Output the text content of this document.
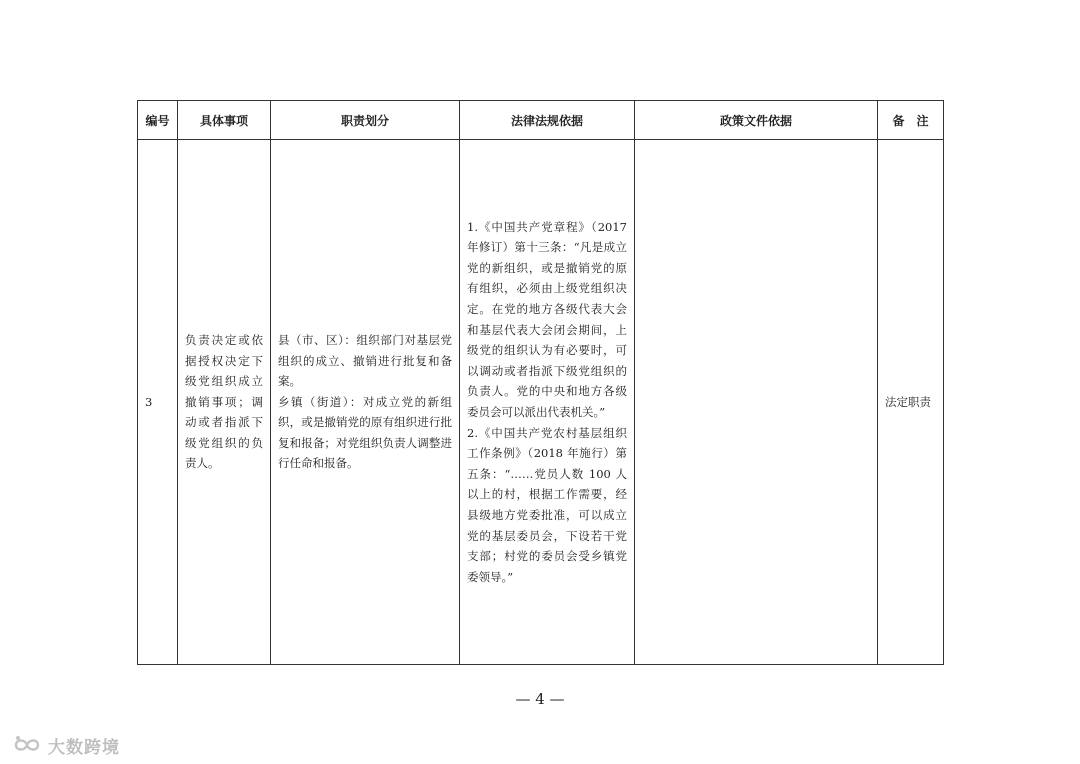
编号	具体事项	职责划分	法律法规依据	政策文件依据	备　注
3	负责决定或依据授权决定下级党组织成立撤销事项；调动或者指派下级党组织的负责人。	县（市、区）：组织部门对基层党组织的成立、撤销进行批复和备案。
乡镇（街道）：对成立党的新组织，或是撤销党的原有组织进行批复和报备；对党组织负责人调整进行任命和报备。	1.《中国共产党章程》（2017 年修订）第十三条：“凡是成立党的新组织，或是撤销党的原有组织，必须由上级党组织决定。在党的地方各级代表大会和基层代表大会闭会期间，上级党的组织认为有必要时，可以调动或者指派下级党组织的负责人。党的中央和地方各级委员会可以派出代表机关。”
2.《中国共产党农村基层组织工作条例》（2018 年施行）第五条：“……党员人数 100 人以上的村，根据工作需要，经县级地方党委批准，可以成立党的基层委员会，下设若干党支部；村党的委员会受乡镇党委领导。”		法定职责
— 4 —
大数跨境
